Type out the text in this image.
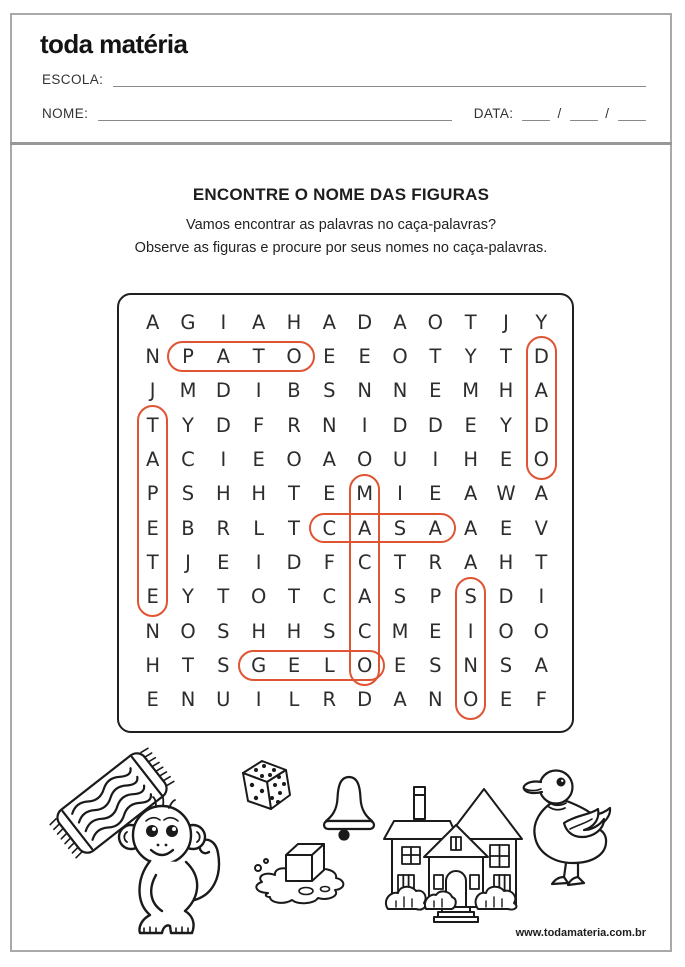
toda matéria
ESCOLA:
NOME:	DATA:	/	/
ENCONTRE O NOME DAS FIGURAS

Vamos encontrar as palavras no caça-palavras?

Observe as figuras e procure por seus nomes no caça-palavras.

A	G	I	A	H	A	D	A	O	T	J	Y
N	P	A	T	O	E	E	O	T	Y	T	D
J	M D	I	B	S	N	N	E	M	H	A
T	Y	D	F	R	N	I	D	D	E	Y	D
A	C	I	E	O	A	O	U	I	H	E	O
P	S	H	H	T	E	M	I	E	A W A
E	B	R	L	T	C	A	S	A	A	E	V
T	J	E	I	D	F	C	T	R	A	H	T
E	Y	T	O	T	C	A	S	P	S	D	I
N	O	S	H	H	S	C	M	E	I	O	O
H	T	S	G	E	L	O	E	S	N	S	A
E	N	U	I	L	R	D	A	N	O	E	F
www.todamateria.com.br
